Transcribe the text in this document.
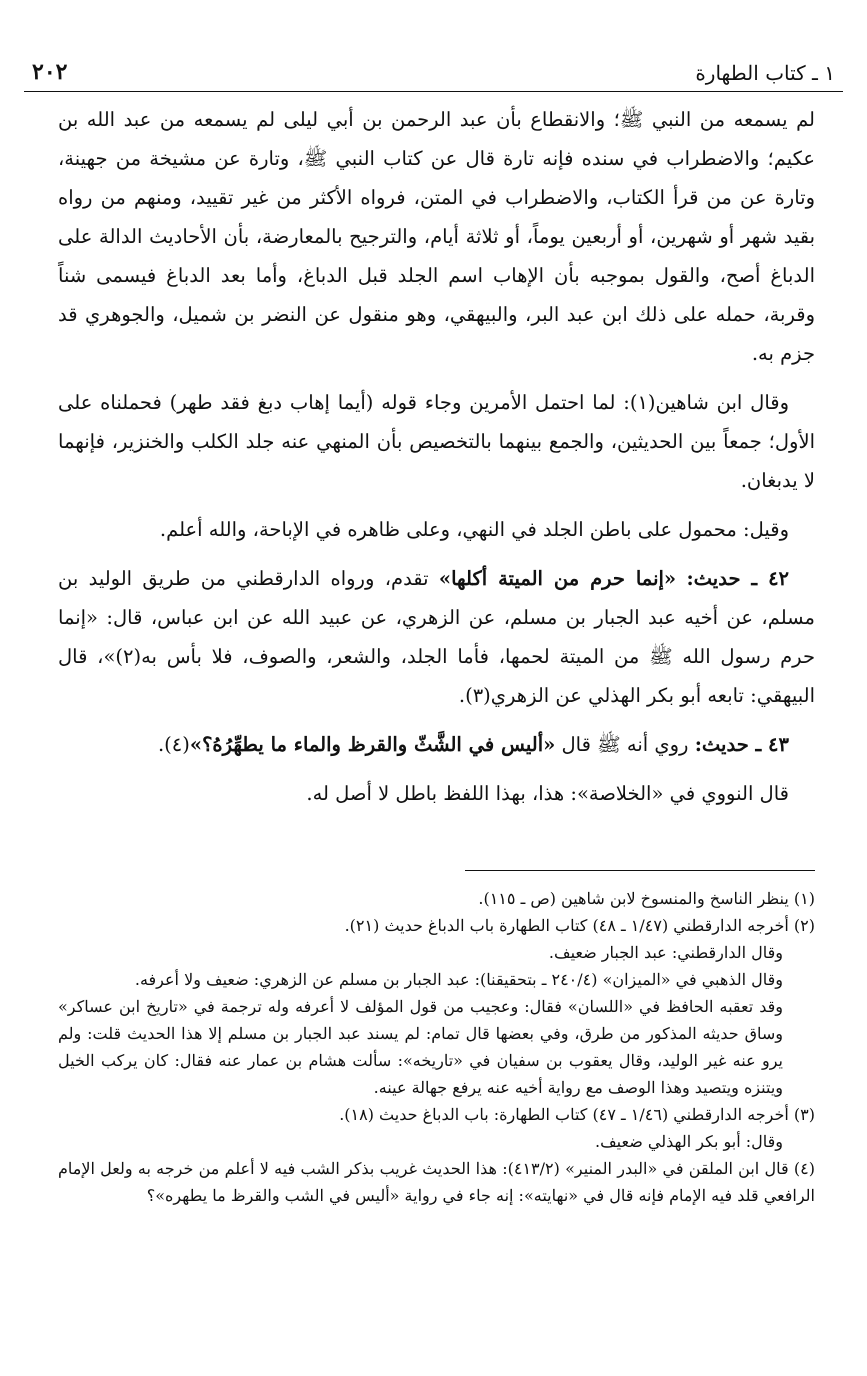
١ ـ كتاب الطهارة
٢٠٢

لم يسمعه من النبي ﷺ؛ والانقطاع بأن عبد الرحمن بن أبي ليلى لم يسمعه من عبد الله بن عكيم؛ والاضطراب في سنده فإنه تارة قال عن كتاب النبي ﷺ، وتارة عن مشيخة من جهينة، وتارة عن من قرأ الكتاب، والاضطراب في المتن، فرواه الأكثر من غير تقييد، ومنهم من رواه بقيد شهر أو شهرين، أو أربعين يوماً، أو ثلاثة أيام، والترجيح بالمعارضة، بأن الأحاديث الدالة على الدباغ أصح، والقول بموجبه بأن الإهاب اسم الجلد قبل الدباغ، وأما بعد الدباغ فيسمى شناً وقربة، حمله على ذلك ابن عبد البر، والبيهقي، وهو منقول عن النضر بن شميل، والجوهري قد جزم به.

وقال ابن شاهين(١): لما احتمل الأمرين وجاء قوله (أيما إهاب دبغ فقد طهر) فحملناه على الأول؛ جمعاً بين الحديثين، والجمع بينهما بالتخصيص بأن المنهي عنه جلد الكلب والخنزير، فإنهما لا يدبغان.

وقيل: محمول على باطن الجلد في النهي، وعلى ظاهره في الإباحة، والله أعلم.

٤٢ ـ حديث: «إنما حرم من الميتة أكلها» تقدم، ورواه الدارقطني من طريق الوليد بن مسلم، عن أخيه عبد الجبار بن مسلم، عن الزهري، عن عبيد الله عن ابن عباس، قال: «إنما حرم رسول الله ﷺ من الميتة لحمها، فأما الجلد، والشعر، والصوف، فلا بأس به(٢)»، قال البيهقي: تابعه أبو بكر الهذلي عن الزهري(٣).

٤٣ ـ حديث: روي أنه ﷺ قال «أليس في الشَّثّ والقرظ والماء ما يطهِّرُهُ؟»(٤).

قال النووي في «الخلاصة»: هذا، بهذا اللفظ باطل لا أصل له.

(١) ينظر الناسخ والمنسوخ لابن شاهين (ص ـ ١١٥).

(٢) أخرجه الدارقطني (١/٤٧ ـ ٤٨) كتاب الطهارة باب الدباغ حديث (٢١).

وقال الدارقطني: عبد الجبار ضعيف.

وقال الذهبي في «الميزان» (٢٤٠/٤ ـ بتحقيقنا): عبد الجبار بن مسلم عن الزهري: ضعيف ولا أعرفه.

وقد تعقبه الحافظ في «اللسان» فقال: وعجيب من قول المؤلف لا أعرفه وله ترجمة في «تاريخ ابن عساكر» وساق حديثه المذكور من طرق، وفي بعضها قال تمام: لم يسند عبد الجبار بن مسلم إلا هذا الحديث قلت: ولم يرو عنه غير الوليد، وقال يعقوب بن سفيان في «تاريخه»: سألت هشام بن عمار عنه فقال: كان يركب الخيل ويتنزه ويتصيد وهذا الوصف مع رواية أخيه عنه يرفع جهالة عينه.

(٣) أخرجه الدارقطني (١/٤٦ ـ ٤٧) كتاب الطهارة: باب الدباغ حديث (١٨).

وقال: أبو بكر الهذلي ضعيف.

(٤) قال ابن الملقن في «البدر المنير» (٤١٣/٢): هذا الحديث غريب بذكر الشب فيه لا أعلم من خرجه به ولعل الإمام الرافعي قلد فيه الإمام فإنه قال في «نهايته»: إنه جاء في رواية «أليس في الشب والقرظ ما يطهره»؟
